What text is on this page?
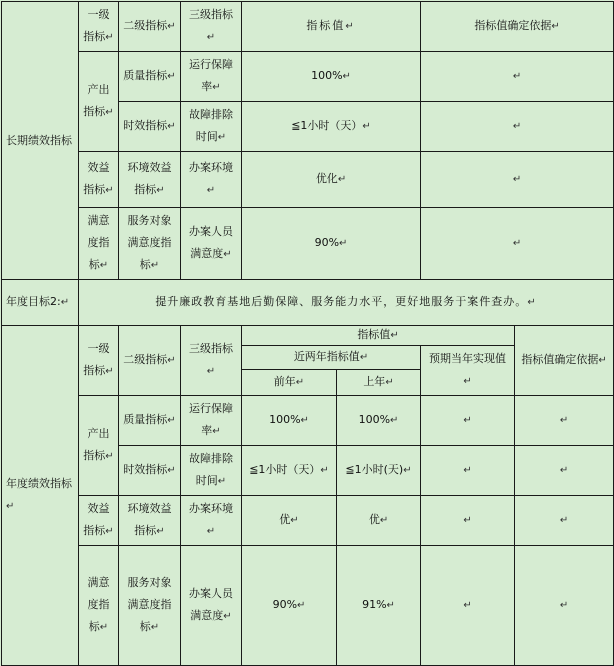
长期绩效指标	一级指标↵	二级指标↵	三级指标↵	指标值↵		指标值确定依据↵	
	产出指标↵	质量指标↵	运行保障率↵	100%↵		↵	
		时效指标↵	故障排除时间↵	≦1小时（天）↵		↵	
	效益指标↵	环境效益指标↵	办案环境↵	优化↵		↵	
	满意度指标↵	服务对象满意度指标↵	办案人员满意度↵	90%↵		↵	
年度目标2:↵	提升廉政教育基地后勤保障、服务能力水平，更好地服务于案件查办。↵						
年度绩效指标↵	一级指标↵	二级指标↵	三级指标↵	指标值↵			指标值确定依据↵
				近两年指标值↵		预期当年实现值↵	
				前年↵	上年↵		
	产出指标↵	质量指标↵	运行保障率↵	100%↵	100%↵	↵	↵
		时效指标↵	故障排除时间↵	≦1小时（天）↵	≦1小时(天)↵	↵	↵
	效益指标↵	环境效益指标↵	办案环境↵	优↵	优↵	↵	↵
	满意度指标↵	服务对象满意度指标↵	办案人员满意度↵	90%↵	91%↵	↵	↵
